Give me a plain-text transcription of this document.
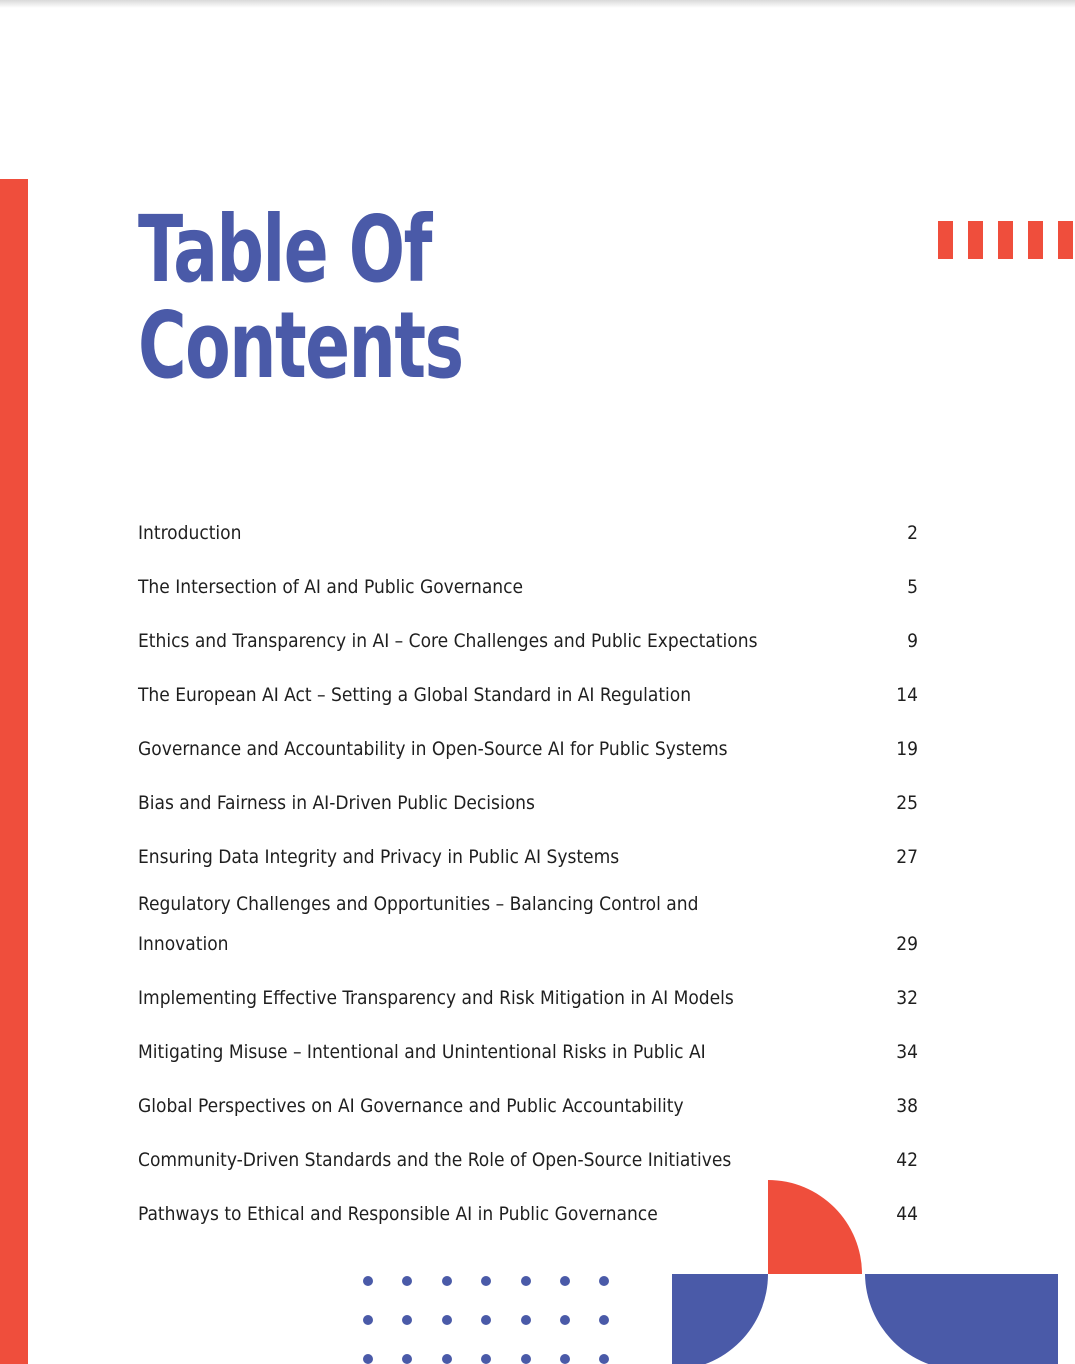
Table Of
Contents
Introduction	2
The Intersection of AI and Public Governance	5
Ethics and Transparency in AI – Core Challenges and Public Expectations	9
The European AI Act – Setting a Global Standard in AI Regulation	14
Governance and Accountability in Open-Source AI for Public Systems	19
Bias and Fairness in AI-Driven Public Decisions	25
Ensuring Data Integrity and Privacy in Public AI Systems	27
Regulatory Challenges and Opportunities – Balancing Control and Innovation	29
Implementing Effective Transparency and Risk Mitigation in AI Models	32
Mitigating Misuse – Intentional and Unintentional Risks in Public AI	34
Global Perspectives on AI Governance and Public Accountability	38
Community-Driven Standards and the Role of Open-Source Initiatives	42
Pathways to Ethical and Responsible AI in Public Governance	44
